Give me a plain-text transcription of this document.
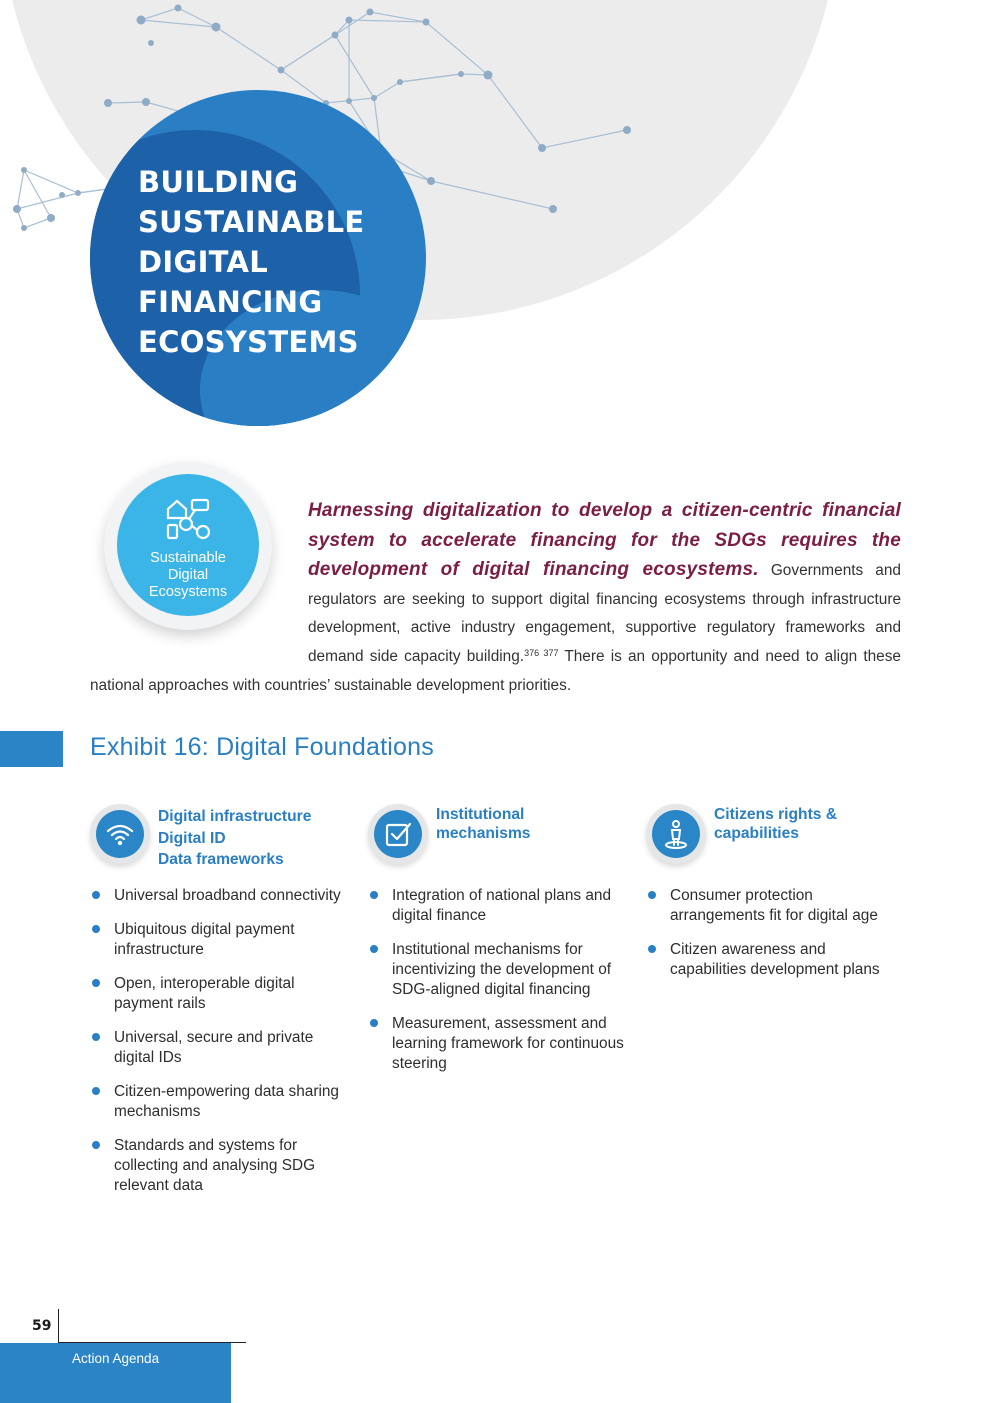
BUILDING SUSTAINABLE DIGITAL FINANCING ECOSYSTEMS
Sustainable
Digital
Ecosystems

Harnessing digitalization to develop a citizen-centric financial system to accelerate financing for the SDGs requires the development of digital financing ecosystems. Governments and regulators are seeking to support digital financing ecosystems through infrastructure development, active industry engagement, supportive regulatory frameworks and demand side capacity building.$^{376 377}$ There is an opportunity and need to align these national approaches with countries’ sustainable development priorities.

Exhibit 16: Digital Foundations
Digital infrastructure
Digital ID
Data frameworks
Universal broadband connectivity
Ubiquitous digital payment infrastructure
Open, interoperable digital payment rails
Universal, secure and private digital IDs
Citizen-empowering data sharing mechanisms
Standards and systems for collecting and analysing SDG relevant data
Institutional
mechanisms
Integration of national plans and digital finance
Institutional mechanisms for incentivizing the development of SDG-aligned digital financing
Measurement, assessment and learning framework for continuous steering
Citizens rights &
capabilities
Consumer protection arrangements fit for digital age
Citizen awareness and capabilities development plans

59

Action Agenda
